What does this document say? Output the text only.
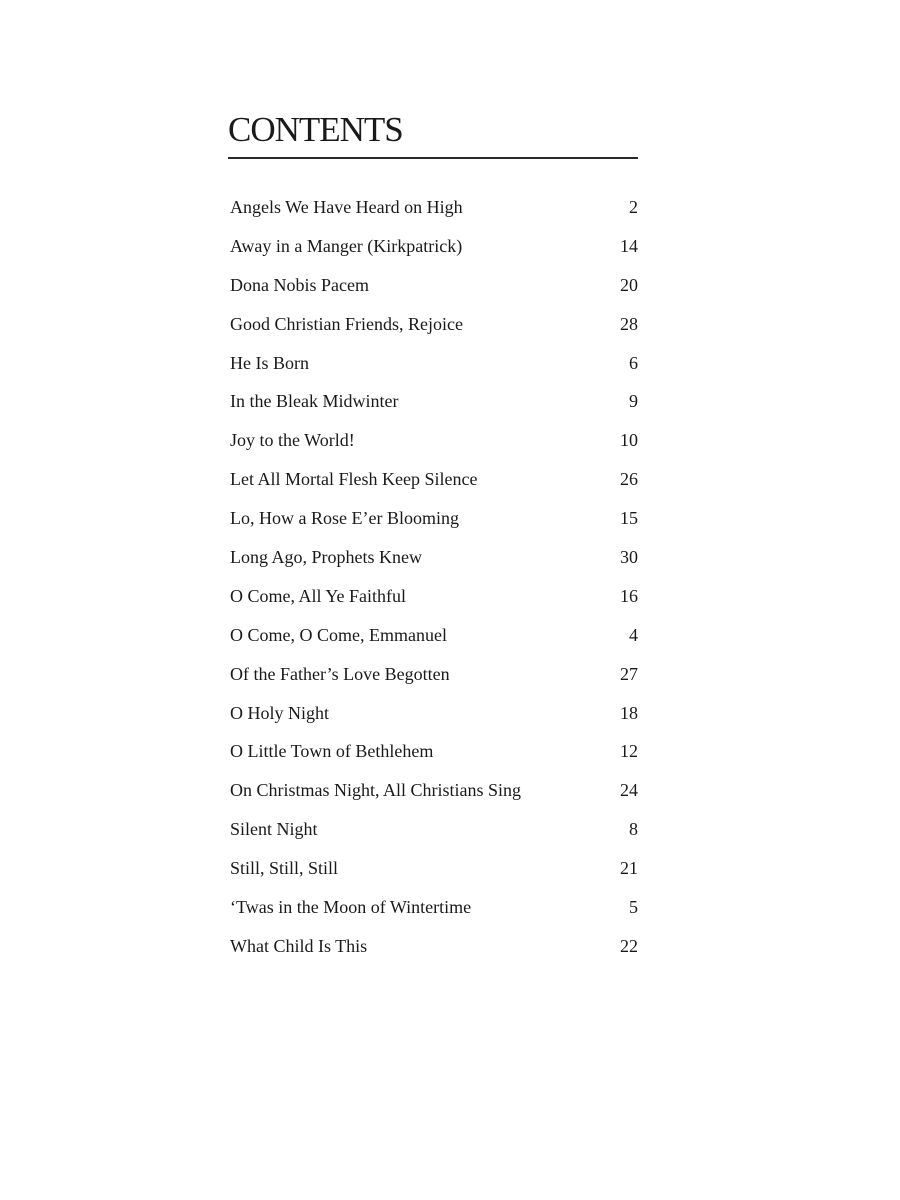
CONTENTS
Angels We Have Heard on High	2
Away in a Manger (Kirkpatrick)	14
Dona Nobis Pacem	20
Good Christian Friends, Rejoice	28
He Is Born	6
In the Bleak Midwinter	9
Joy to the World!	10
Let All Mortal Flesh Keep Silence	26
Lo, How a Rose E’er Blooming	15
Long Ago, Prophets Knew	30
O Come, All Ye Faithful	16
O Come, O Come, Emmanuel	4
Of the Father’s Love Begotten	27
O Holy Night	18
O Little Town of Bethlehem	12
On Christmas Night, All Christians Sing	24
Silent Night	8
Still, Still, Still	21
‘Twas in the Moon of Wintertime	5
What Child Is This	22
